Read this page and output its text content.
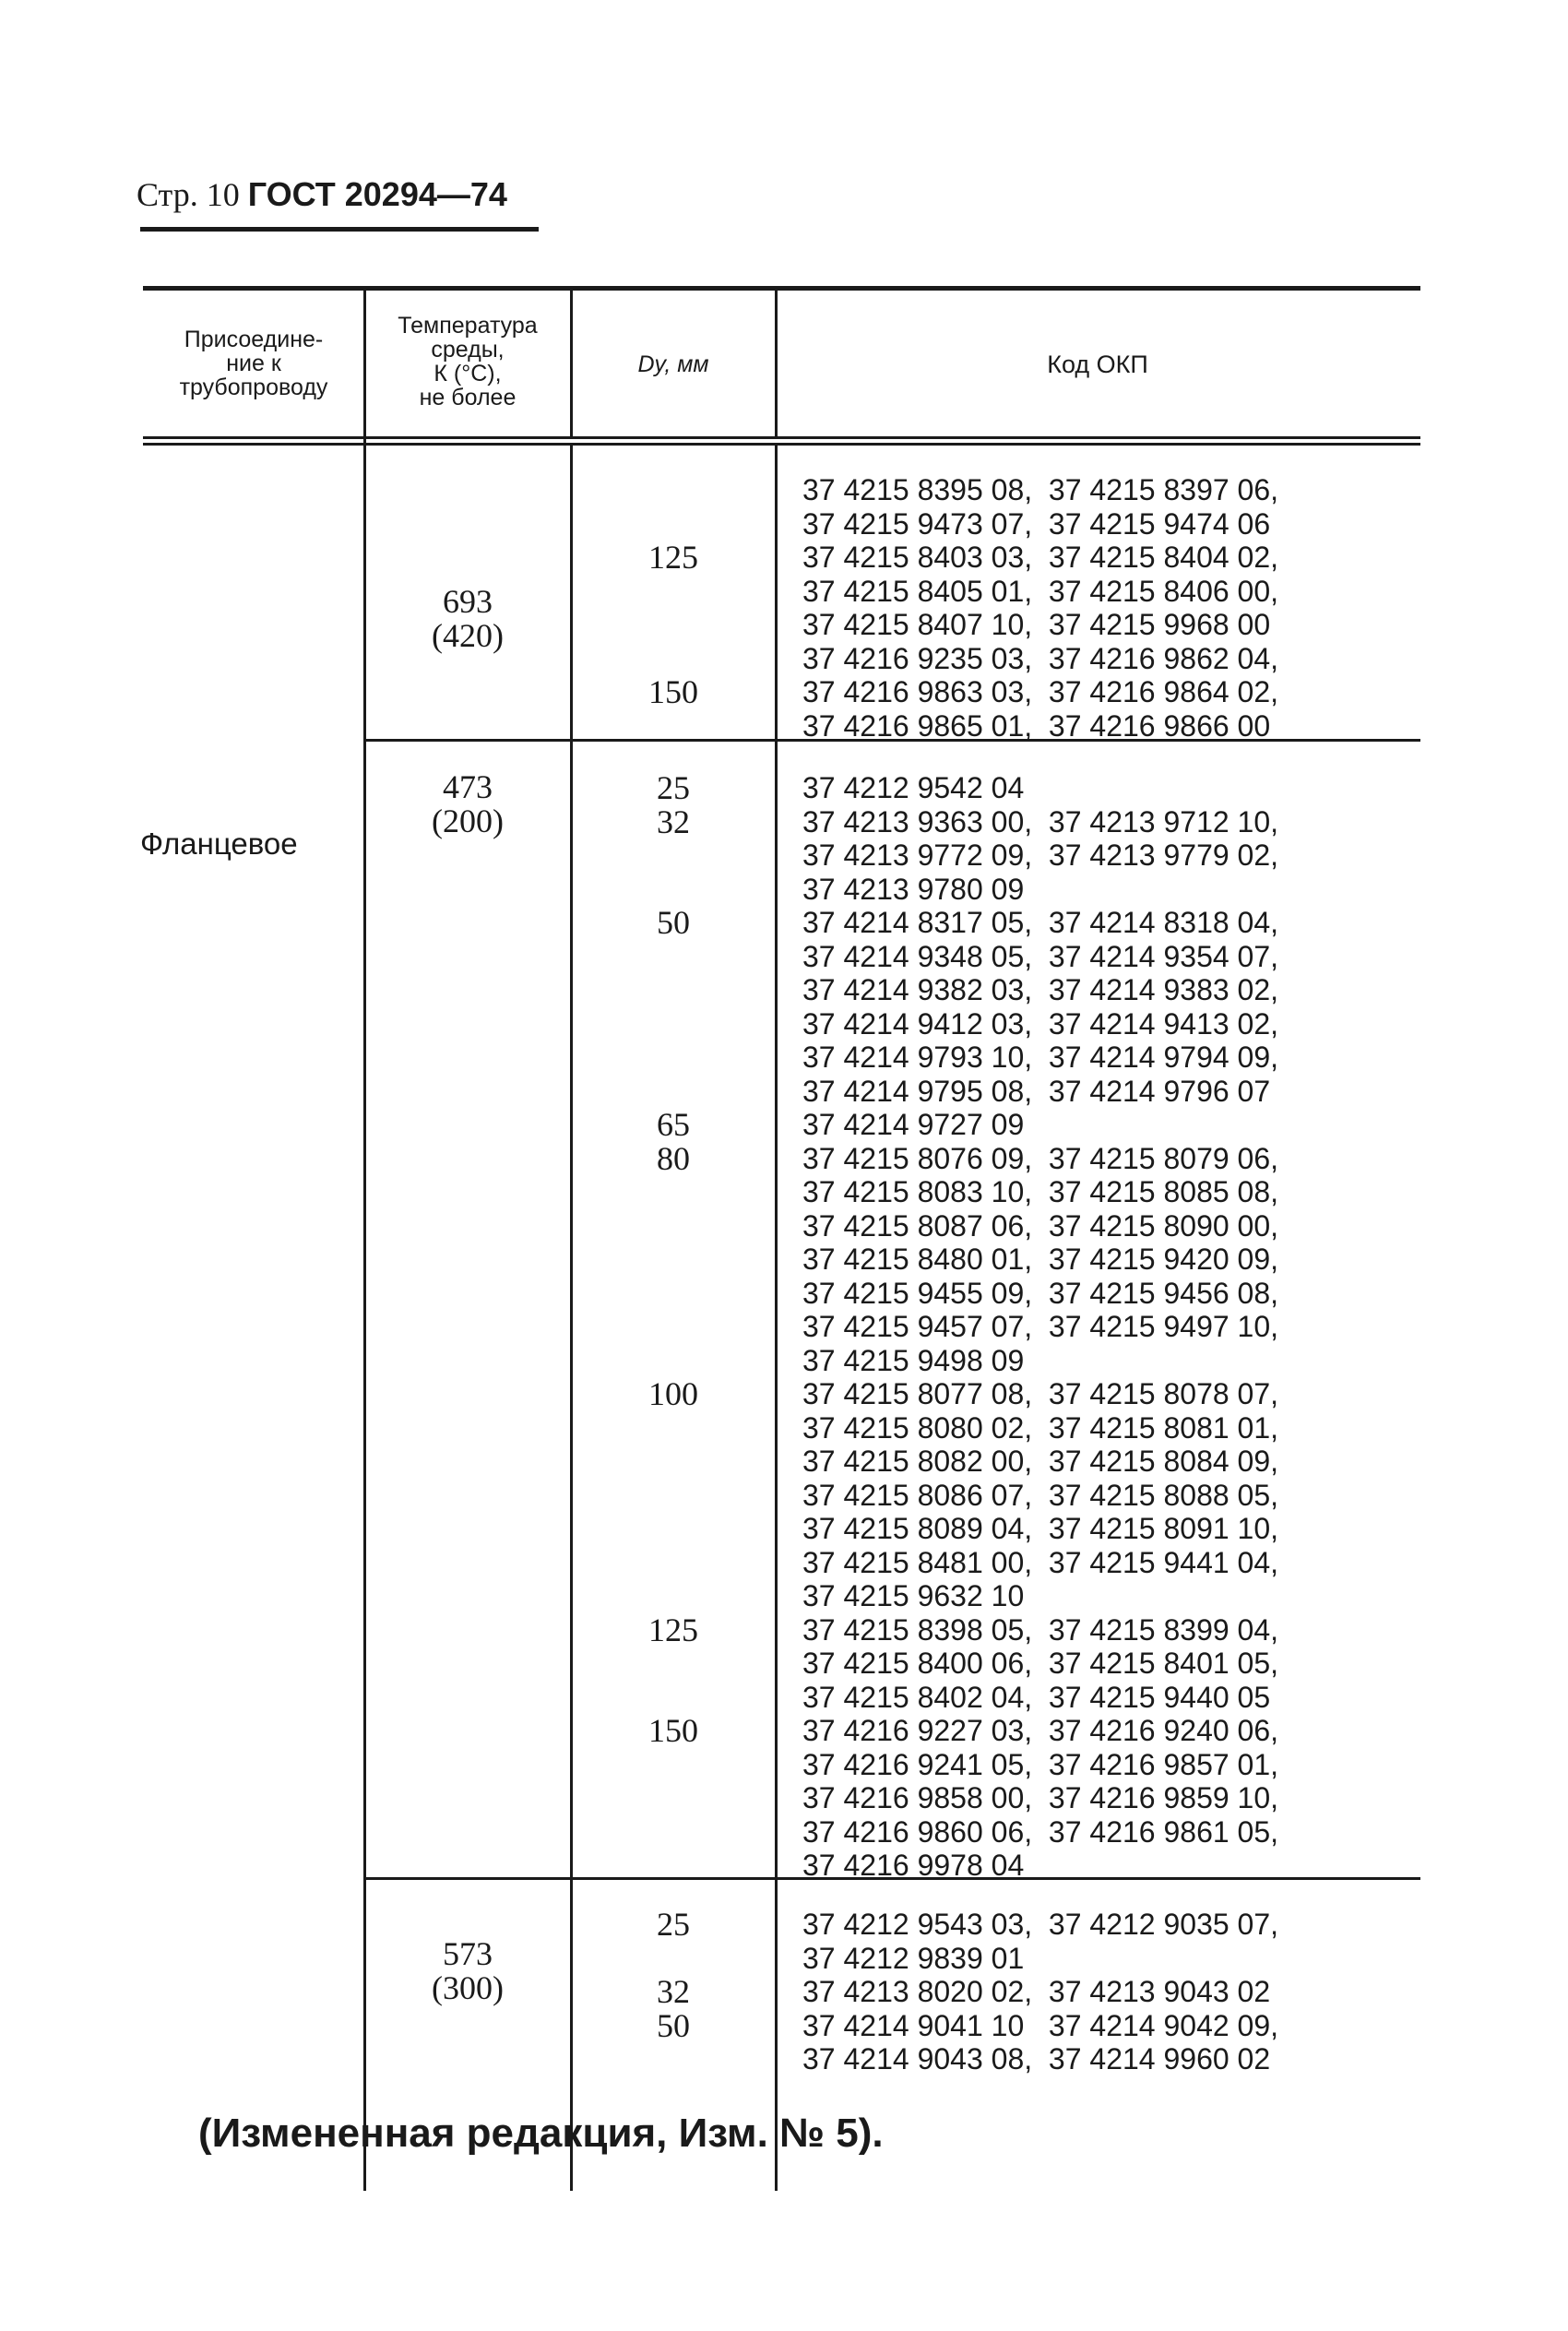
Стр. 10 ГОСТ 20294—74
Присоедине-
ние к
трубопроводу
Температура
среды,
К (°С),
не более
Dу, мм	Код ОКП
Фланцевое
693
(420)
37 4215 8395 08,  37 4215 8397 06,
37 4215 9473 07,  37 4215 9474 06
37 4215 8403 03,  37 4215 8404 02,
37 4215 8405 01,  37 4215 8406 00,
37 4215 8407 10,  37 4215 9968 00
37 4216 9235 03,  37 4216 9862 04,
37 4216 9863 03,  37 4216 9864 02,
37 4216 9865 01,  37 4216 9866 00
125
150
473
(200)
37 4212 9542 04
37 4213 9363 00,  37 4213 9712 10,
37 4213 9772 09,  37 4213 9779 02,
37 4213 9780 09
37 4214 8317 05,  37 4214 8318 04,
37 4214 9348 05,  37 4214 9354 07,
37 4214 9382 03,  37 4214 9383 02,
37 4214 9412 03,  37 4214 9413 02,
37 4214 9793 10,  37 4214 9794 09,
37 4214 9795 08,  37 4214 9796 07
37 4214 9727 09
37 4215 8076 09,  37 4215 8079 06,
37 4215 8083 10,  37 4215 8085 08,
37 4215 8087 06,  37 4215 8090 00,
37 4215 8480 01,  37 4215 9420 09,
37 4215 9455 09,  37 4215 9456 08,
37 4215 9457 07,  37 4215 9497 10,
37 4215 9498 09
37 4215 8077 08,  37 4215 8078 07,
37 4215 8080 02,  37 4215 8081 01,
37 4215 8082 00,  37 4215 8084 09,
37 4215 8086 07,  37 4215 8088 05,
37 4215 8089 04,  37 4215 8091 10,
37 4215 8481 00,  37 4215 9441 04,
37 4215 9632 10
37 4215 8398 05,  37 4215 8399 04,
37 4215 8400 06,  37 4215 8401 05,
37 4215 8402 04,  37 4215 9440 05
37 4216 9227 03,  37 4216 9240 06,
37 4216 9241 05,  37 4216 9857 01,
37 4216 9858 00,  37 4216 9859 10,
37 4216 9860 06,  37 4216 9861 05,
37 4216 9978 04
25
32
50
65
80
100
125
150
573
(300)
37 4212 9543 03,  37 4212 9035 07,
37 4212 9839 01
37 4213 8020 02,  37 4213 9043 02
37 4214 9041 10   37 4214 9042 09,
37 4214 9043 08,  37 4214 9960 02
25
32
50
(Измененная редакция, Изм. № 5).
